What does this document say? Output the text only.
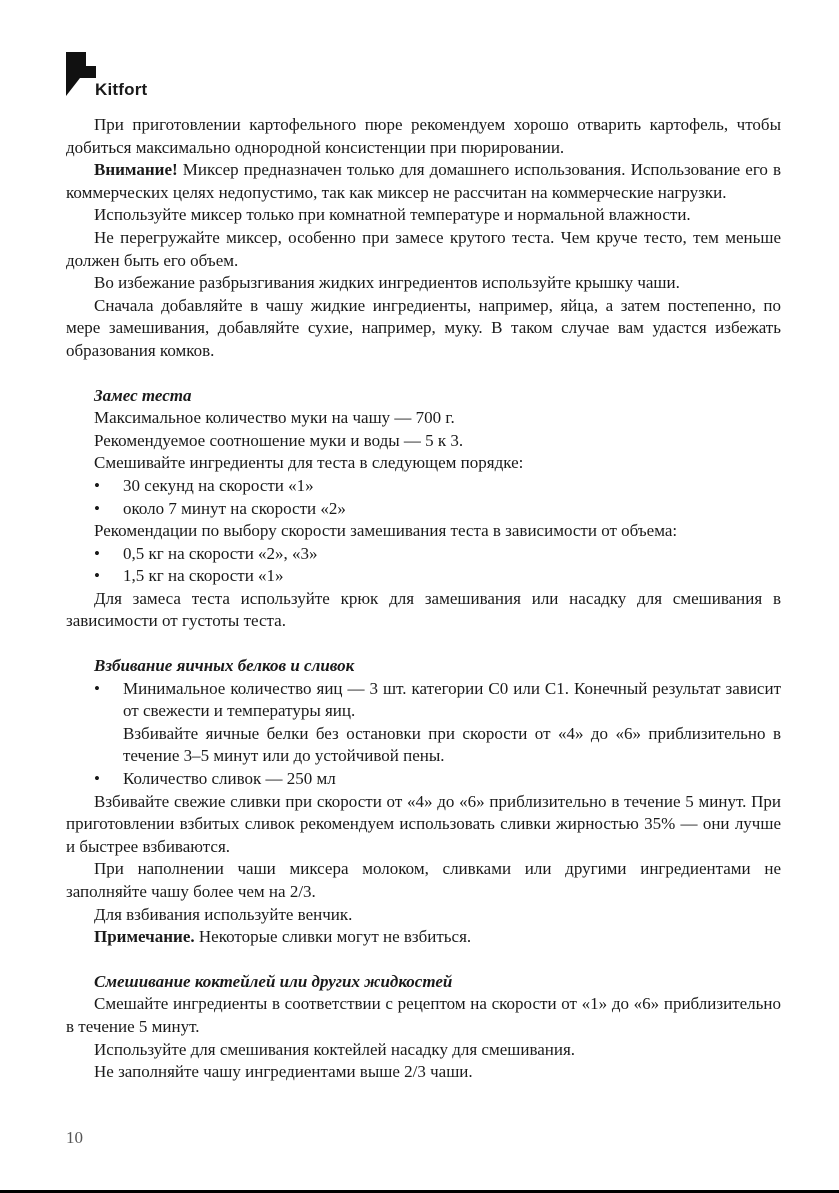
Kitfort

При приготовлении картофельного пюре рекомендуем хорошо отварить картофель, чтобы добиться максимально однородной консистенции при пюрировании.

Внимание! Миксер предназначен только для домашнего использования. Использование его в коммерческих целях недопустимо, так как миксер не рассчитан на коммерческие нагрузки.

Используйте миксер только при комнатной температуре и нормальной влажности.

Не перегружайте миксер, особенно при замесе крутого теста. Чем круче тесто, тем меньше должен быть его объем.

Во избежание разбрызгивания жидких ингредиентов используйте крышку чаши.

Сначала добавляйте в чашу жидкие ингредиенты, например, яйца, а затем постепенно, по мере замешивания, добавляйте сухие, например, муку. В таком случае вам удастся избежать образования комков.

Замес теста

Максимальное количество муки на чашу — 700 г.

Рекомендуемое соотношение муки и воды — 5 к 3.

Смешивайте ингредиенты для теста в следующем порядке:

• 30 секунд на скорости «1»
• около 7 минут на скорости «2»

Рекомендации по выбору скорости замешивания теста в зависимости от объема:

• 0,5 кг на скорости «2», «3»
• 1,5 кг на скорости «1»

Для замеса теста используйте крюк для замешивания или насадку для смешивания в зависимости от густоты теста.

Взбивание яичных белков и сливок

• Минимальное количество яиц — 3 шт. категории С0 или С1. Конечный результат зависит от свежести и температуры яиц.

Взбивайте яичные белки без остановки при скорости от «4» до «6» приблизительно в течение 3–5 минут или до устойчивой пены.

• Количество сливок — 250 мл

Взбивайте свежие сливки при скорости от «4» до «6» приблизительно в течение 5 минут. При приготовлении взбитых сливок рекомендуем использовать сливки жирностью 35% — они лучше и быстрее взбиваются.

При наполнении чаши миксера молоком, сливками или другими ингредиентами не заполняйте чашу более чем на 2/3.

Для взбивания используйте венчик.

Примечание. Некоторые сливки могут не взбиться.

Смешивание коктейлей или других жидкостей

Смешайте ингредиенты в соответствии с рецептом на скорости от «1» до «6» приблизительно в течение 5 минут.

Используйте для смешивания коктейлей насадку для смешивания.

Не заполняйте чашу ингредиентами выше 2/3 чаши.

10
